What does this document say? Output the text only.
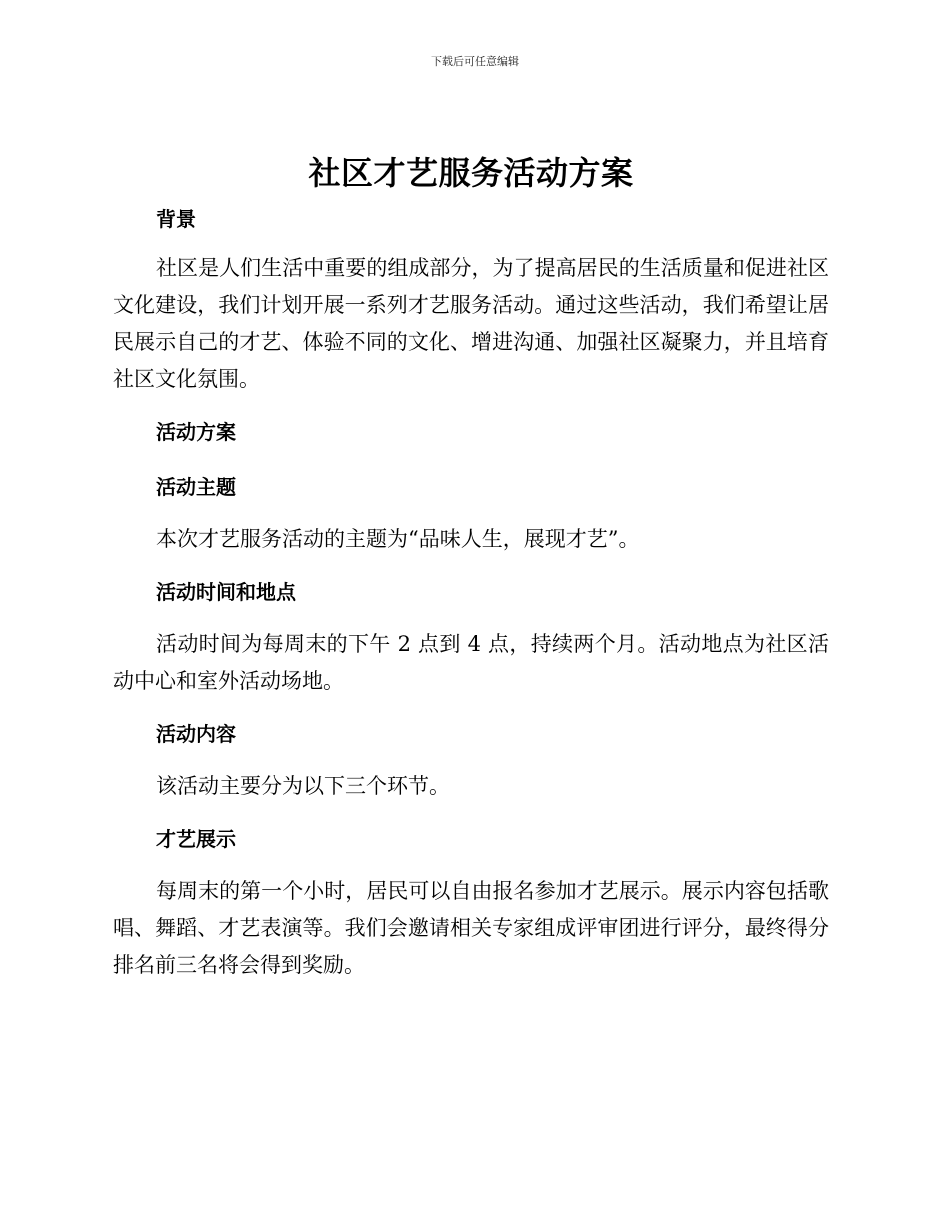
下载后可任意编辑
社区才艺服务活动方案
背景

社区是人们生活中重要的组成部分，为了提高居民的生活质量和促进社区文化建设，我们计划开展一系列才艺服务活动。通过这些活动，我们希望让居民展示自己的才艺、体验不同的文化、增进沟通、加强社区凝聚力，并且培育社区文化氛围。

活动方案
活动主题

本次才艺服务活动的主题为“品味人生，展现才艺”。

活动时间和地点

活动时间为每周末的下午 2 点到 4 点，持续两个月。活动地点为社区活动中心和室外活动场地。

活动内容

该活动主要分为以下三个环节。

才艺展示

每周末的第一个小时，居民可以自由报名参加才艺展示。展示内容包括歌唱、舞蹈、才艺表演等。我们会邀请相关专家组成评审团进行评分，最终得分排名前三名将会得到奖励。
